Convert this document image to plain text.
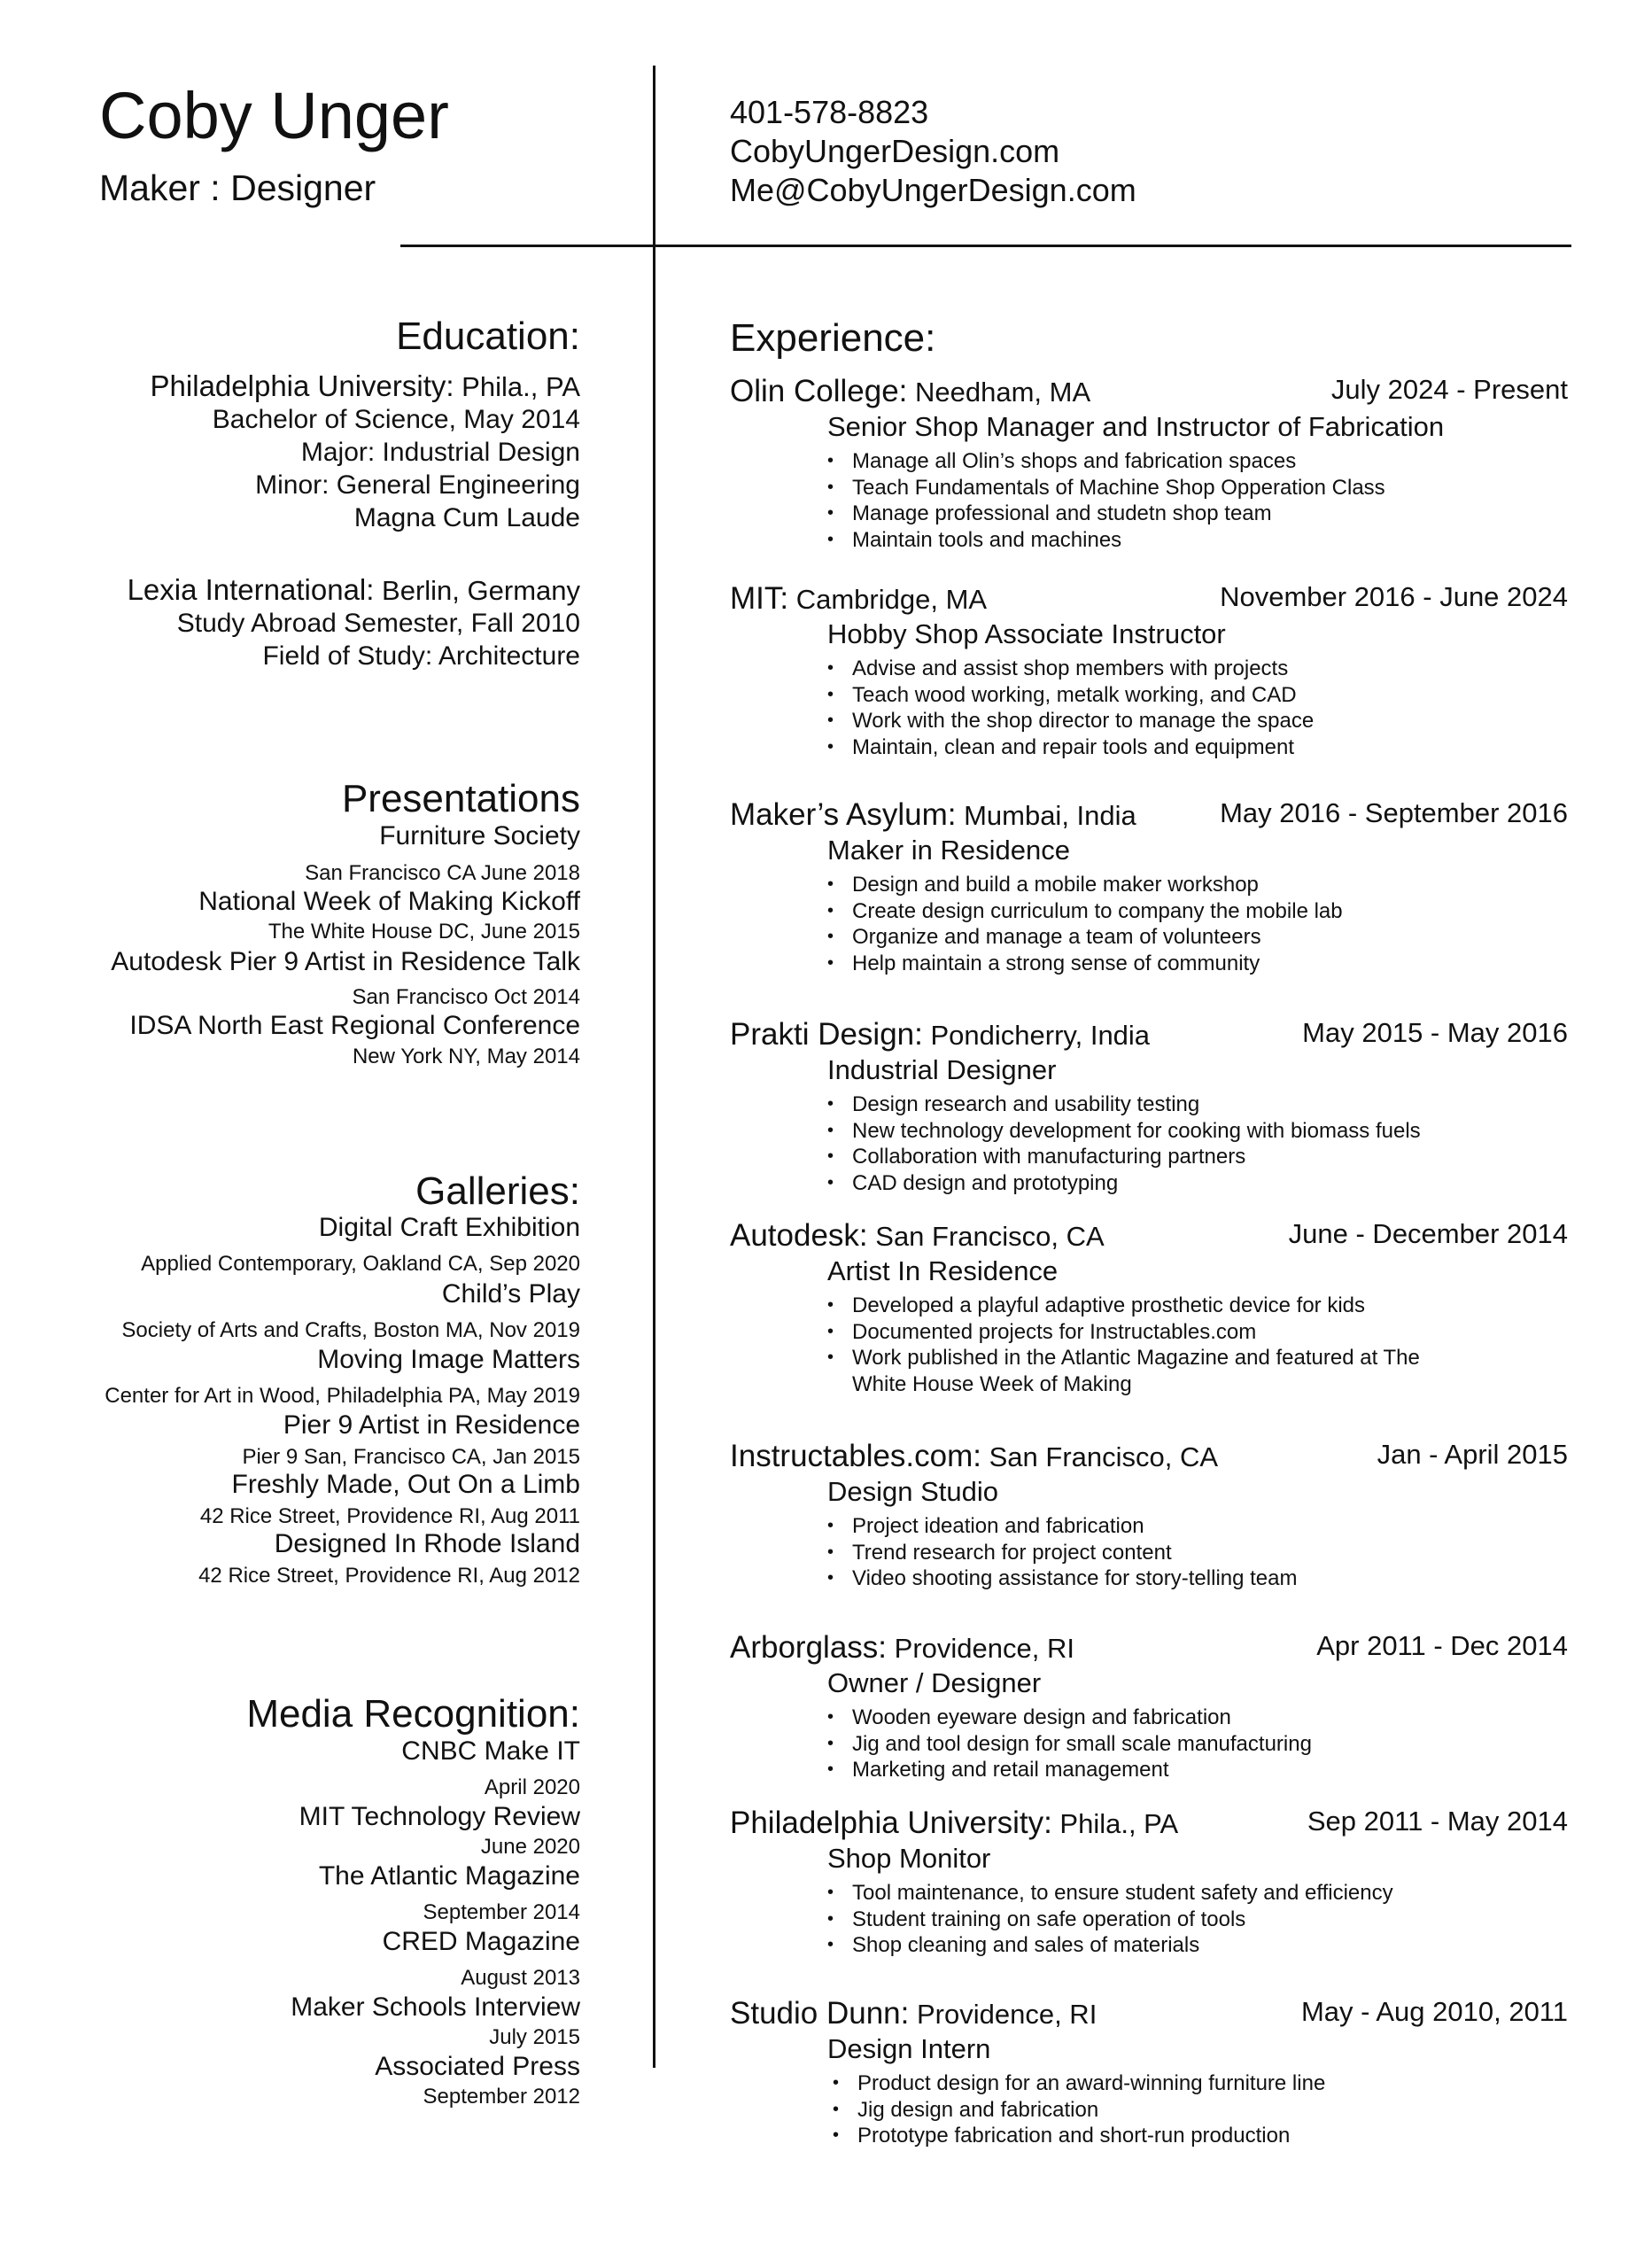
Coby Unger
Maker : Designer
401-578-8823
CobyUngerDesign.com
Me@CobyUngerDesign.com
Education:
Philadelphia University: Phila., PA
Bachelor of Science, May 2014
Major: Industrial Design
Minor: General Engineering
Magna Cum Laude
Lexia International: Berlin, Germany
Study Abroad Semester, Fall 2010
Field of Study: Architecture
Presentations
Furniture Society
San Francisco CA June 2018
National Week of Making Kickoff
The White House DC, June 2015
Autodesk Pier 9 Artist in Residence Talk
San Francisco Oct 2014
IDSA North East Regional Conference
New York NY, May 2014
Galleries:
Digital Craft Exhibition
Applied Contemporary, Oakland CA, Sep 2020
Child’s Play
Society of Arts and Crafts, Boston MA, Nov 2019
Moving Image Matters
Center for Art in Wood, Philadelphia PA, May 2019
Pier 9 Artist in Residence
Pier 9 San, Francisco CA, Jan 2015
Freshly Made, Out On a Limb
42 Rice Street, Providence RI, Aug 2011
Designed In Rhode Island
42 Rice Street, Providence RI, Aug 2012
Media Recognition:
CNBC Make IT
April 2020
MIT Technology Review
June 2020
The Atlantic Magazine
September 2014
CRED Magazine
August 2013
Maker Schools Interview
July 2015
Associated Press
September 2012
Experience:
Olin College: Needham, MA	July 2024 - Present
Senior Shop Manager and Instructor of Fabrication
• Manage all Olin’s shops and fabrication spaces
• Teach Fundamentals of Machine Shop Opperation Class
• Manage professional and studetn shop team
• Maintain tools and machines
MIT: Cambridge, MA	November 2016 - June 2024
Hobby Shop Associate Instructor
• Advise and assist shop members with projects
• Teach wood working, metalk working, and CAD
• Work with the shop director to manage the space
• Maintain, clean and repair tools and equipment
Maker’s Asylum: Mumbai, India	May 2016 - September 2016
Maker in Residence
• Design and build a mobile maker workshop
• Create design curriculum to company the mobile lab
• Organize and manage a team of volunteers
• Help maintain a strong sense of community
Prakti Design: Pondicherry, India	May 2015 - May 2016
Industrial Designer
• Design research and usability testing
• New technology development for cooking with biomass fuels
• Collaboration with manufacturing partners
• CAD design and prototyping
Autodesk: San Francisco, CA	June - December 2014
Artist In Residence
• Developed a playful adaptive prosthetic device for kids
• Documented projects for Instructables.com
• Work published in the Atlantic Magazine and featured at The
White House Week of Making
Instructables.com: San Francisco, CA	Jan - April 2015
Design Studio
• Project ideation and fabrication
• Trend research for project content
• Video shooting assistance for story-telling team
Arborglass: Providence, RI	Apr 2011 - Dec 2014
Owner / Designer
• Wooden eyeware design and fabrication
• Jig and tool design for small scale manufacturing
• Marketing and retail management
Philadelphia University: Phila., PA	Sep 2011 - May 2014
Shop Monitor
• Tool maintenance, to ensure student safety and efficiency
• Student training on safe operation of tools
• Shop cleaning and sales of materials
Studio Dunn: Providence, RI	May - Aug 2010, 2011
Design Intern
• Product design for an award-winning furniture line
• Jig design and fabrication
• Prototype fabrication and short-run production
